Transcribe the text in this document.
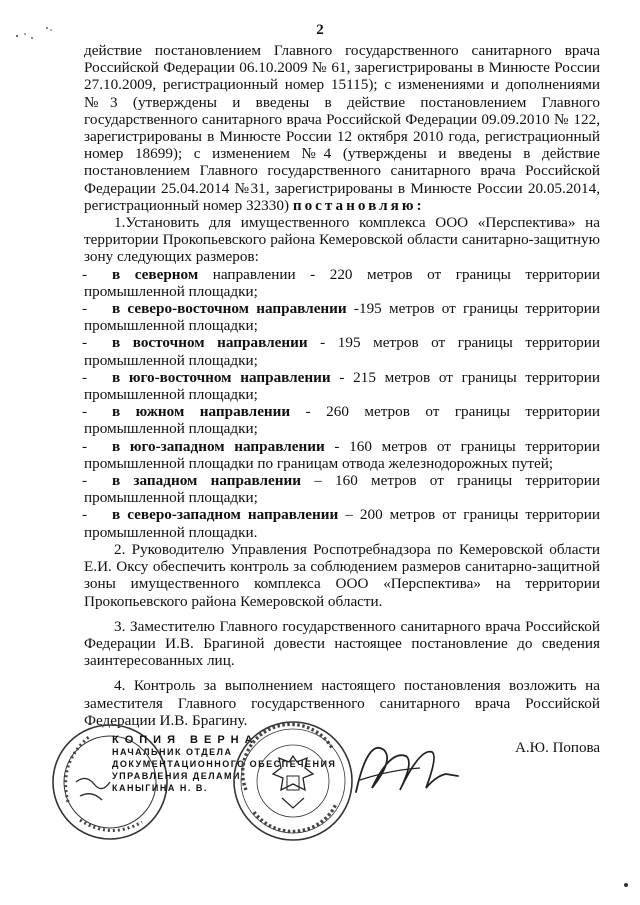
2

действие постановлением Главного государственного санитарного врача Российской Федерации 06.10.2009 № 61, зарегистрированы в Минюсте России 27.10.2009, регистрационный номер 15115); с изменениями и дополнениями №3 (утверждены и введены в действие постановлением Главного государственного санитарного врача Российской Федерации 09.09.2010 № 122, зарегистрированы в Минюсте России 12 октября 2010 года, регистрационный номер 18699); с изменением №4 (утверждены и введены в действие постановлением Главного государственного санитарного врача Российской Федерации 25.04.2014 №31, зарегистрированы в Минюсте России 20.05.2014, регистрационный номер 32330) постановляю:

1.Установить для имущественного комплекса ООО «Перспектива» на территории Прокопьевского района Кемеровской области санитарно-защитную зону следующих размеров:

-	в северном направлении - 220 метров от границы территории промышленной площадки;

-	в северо-восточном направлении -195 метров от границы территории промышленной площадки;

-	в восточном направлении - 195 метров от границы территории промышленной площадки;

-	в юго-восточном направлении - 215 метров от границы территории промышленной площадки;

-	в южном направлении - 260 метров от границы территории промышленной площадки;

-	в юго-западном направлении - 160 метров от границы территории промышленной площадки по границам отвода железнодорожных путей;

-	в западном направлении – 160 метров от границы территории промышленной площадки;

-	в северо-западном направлении – 200 метров от границы территории промышленной площадки.

2. Руководителю Управления Роспотребнадзора по Кемеровской области Е.И. Оксу обеспечить контроль за соблюдением размеров санитарно-защитной зоны имущественного комплекса ООО «Перспектива» на территории Прокопьевского района Кемеровской области.

3. Заместителю Главного государственного санитарного врача Российской Федерации И.В. Брагиной довести настоящее постановление до сведения заинтересованных лиц.

4. Контроль за выполнением настоящего постановления возложить на заместителя Главного государственного санитарного врача Российской Федерации И.В. Брагину.

КОПИЯ ВЕРНА
НАЧАЛЬНИК ОТДЕЛА
ДОКУМЕНТАЦИОННОГО ОБЕСПЕЧЕНИЯ
УПРАВЛЕНИЯ ДЕЛАМИ
КАНЫГИНА Н. В.
А.Ю. Попова
